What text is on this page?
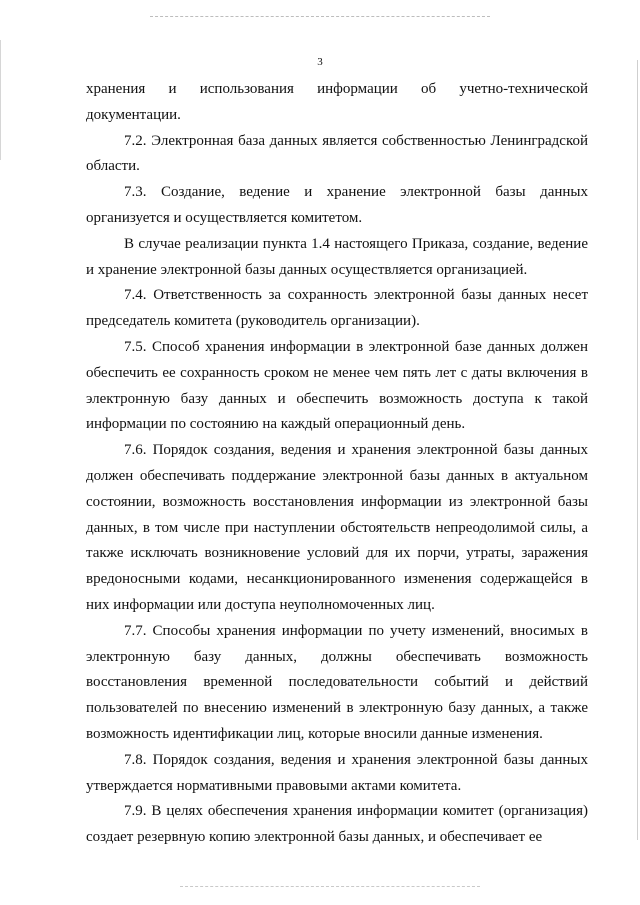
3

хранения и использования информации об учетно-технической документации.

7.2. Электронная база данных является собственностью Ленинградской области.

7.3. Создание, ведение и хранение электронной базы данных организуется и осуществляется комитетом.

В случае реализации пункта 1.4 настоящего Приказа, создание, ведение и хранение электронной базы данных осуществляется организацией.

7.4. Ответственность за сохранность электронной базы данных несет председатель комитета (руководитель организации).

7.5. Способ хранения информации в электронной базе данных должен обеспечить ее сохранность сроком не менее чем пять лет с даты включения в электронную базу данных и обеспечить возможность доступа к такой информации по состоянию на каждый операционный день.

7.6. Порядок создания, ведения и хранения электронной базы данных должен обеспечивать поддержание электронной базы данных в актуальном состоянии, возможность восстановления информации из электронной базы данных, в том числе при наступлении обстоятельств непреодолимой силы, а также исключать возникновение условий для их порчи, утраты, заражения вредоносными кодами, несанкционированного изменения содержащейся в них информации или доступа неуполномоченных лиц.

7.7. Способы хранения информации по учету изменений, вносимых в электронную базу данных, должны обеспечивать возможность восстановления временной последовательности событий и действий пользователей по внесению изменений в электронную базу данных, а также возможность идентификации лиц, которые вносили данные изменения.

7.8. Порядок создания, ведения и хранения электронной базы данных утверждается нормативными правовыми актами комитета.

7.9. В целях обеспечения хранения информации комитет (организация) создает резервную копию электронной базы данных, и обеспечивает ее
